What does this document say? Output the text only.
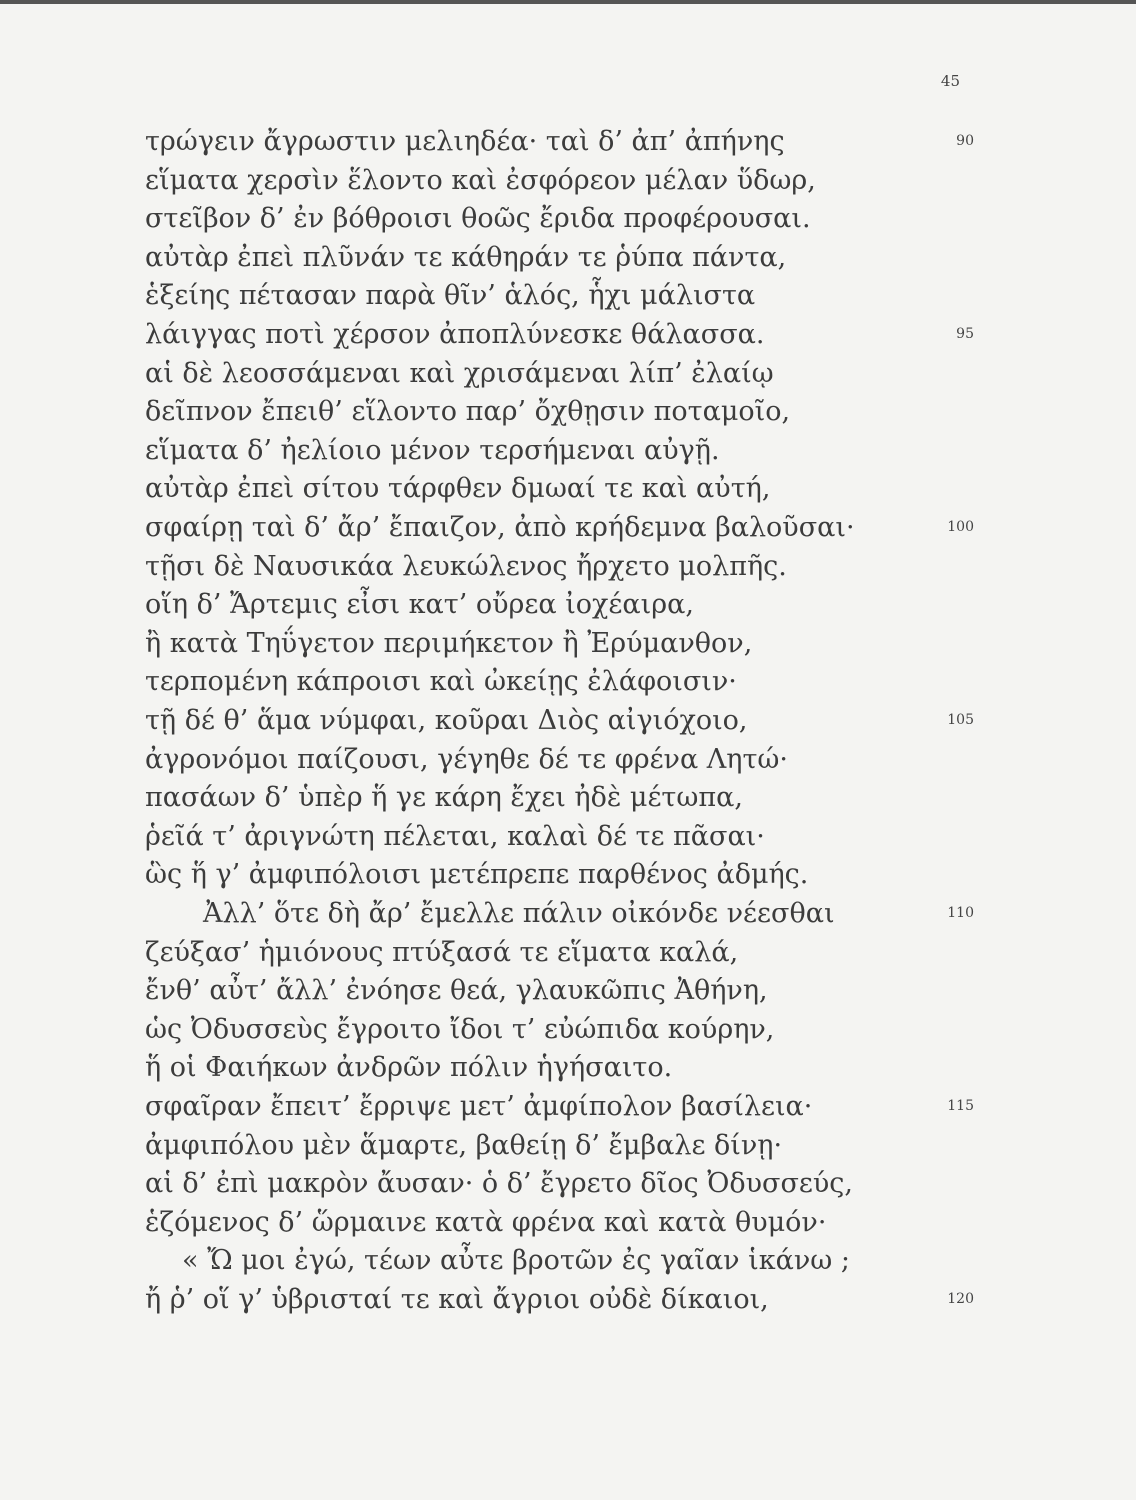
45
τρώγειν ἄγρωστιν μελιηδέα· ταὶ δ’ ἀπ’ ἀπήνης	90
εἵματα χερσὶν ἕλοντο καὶ ἐσφόρεον μέλαν ὕδωρ,
στεῖβον δ’ ἐν βόθροισι θοῶς ἔριδα προφέρουσαι.
αὐτὰρ ἐπεὶ πλῦνάν τε κάθηράν τε ῥύπα πάντα,
ἑξείης πέτασαν παρὰ θῖν’ ἁλός, ἧχι μάλιστα
λάιγγας ποτὶ χέρσον ἀποπλύνεσκε θάλασσα.	95
αἱ δὲ λεοσσάμεναι καὶ χρισάμεναι λίπ’ ἐλαίῳ
δεῖπνον ἔπειθ’ εἵλοντο παρ’ ὄχθῃσιν ποταμοῖο,
εἵματα δ’ ἠελίοιο μένον τερσήμεναι αὐγῇ.
αὐτὰρ ἐπεὶ σίτου τάρφθεν δμωαί τε καὶ αὐτή,
σφαίρῃ ταὶ δ’ ἄρ’ ἔπαιζον, ἀπὸ κρήδεμνα βαλοῦσαι·	100
τῇσι δὲ Ναυσικάα λευκώλενος ἤρχετο μολπῆς.
οἵη δ’ Ἄρτεμις εἶσι κατ’ οὔρεα ἰοχέαιρα,
ἢ κατὰ Τηΰγετον περιμήκετον ἢ Ἐρύμανθον,
τερπομένη κάπροισι καὶ ὠκείῃς ἐλάφοισιν·
τῇ δέ θ’ ἅμα νύμφαι, κοῦραι Διὸς αἰγιόχοιο,	105
ἀγρονόμοι παίζουσι, γέγηθε δέ τε φρένα Λητώ·
πασάων δ’ ὑπὲρ ἥ γε κάρη ἔχει ἠδὲ μέτωπα,
ῥεῖά τ’ ἀριγνώτη πέλεται, καλαὶ δέ τε πᾶσαι·
ὣς ἥ γ’ ἀμφιπόλοισι μετέπρεπε παρθένος ἀδμής.
Ἀλλ’ ὅτε δὴ ἄρ’ ἔμελλε πάλιν οἰκόνδε νέεσθαι	110
ζεύξασ’ ἡμιόνους πτύξασά τε εἵματα καλά,
ἔνθ’ αὖτ’ ἄλλ’ ἐνόησε θεά, γλαυκῶπις Ἀθήνη,
ὡς Ὀδυσσεὺς ἔγροιτο ἴδοι τ’ εὐώπιδα κούρην,
ἥ οἱ Φαιήκων ἀνδρῶν πόλιν ἡγήσαιτο.
σφαῖραν ἔπειτ’ ἔρριψε μετ’ ἀμφίπολον βασίλεια·	115
ἀμφιπόλου μὲν ἅμαρτε, βαθείῃ δ’ ἔμβαλε δίνῃ·
αἱ δ’ ἐπὶ μακρὸν ἄυσαν· ὁ δ’ ἔγρετο δῖος Ὀδυσσεύς,
ἑζόμενος δ’ ὥρμαινε κατὰ φρένα καὶ κατὰ θυμόν·
« Ὤ μοι ἐγώ, τέων αὖτε βροτῶν ἐς γαῖαν ἱκάνω ;
ἤ ῥ’ οἵ γ’ ὑβρισταί τε καὶ ἄγριοι οὐδὲ δίκαιοι,	120
